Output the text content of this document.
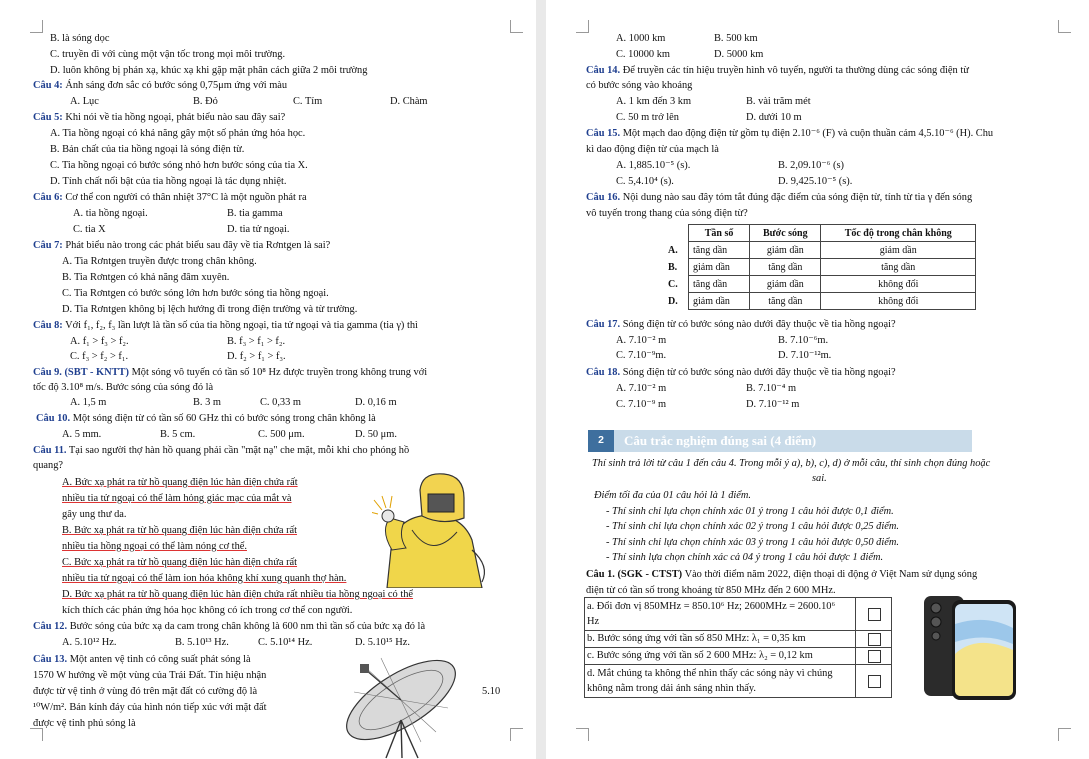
B. là sóng dọc
C. truyền đi với cùng một vận tốc trong mọi môi trường.
D. luôn không bị phản xạ, khúc xạ khi gặp mặt phân cách giữa 2 môi trường
Câu 4: Ánh sáng đơn sắc có bước sóng 0,75μm ứng với màu
A. Lục	B. Đỏ	C. Tím	D. Chàm
Câu 5: Khi nói về tia hồng ngoại, phát biểu nào sau đây sai?
A. Tia hồng ngoại có khả năng gây một số phản ứng hóa học.
B. Bản chất của tia hồng ngoại là sóng điện từ.
C. Tia hồng ngoại có bước sóng nhỏ hơn bước sóng của tia X.
D. Tính chất nổi bật của tia hồng ngoại là tác dụng nhiệt.
Câu 6: Cơ thể con người có thân nhiệt 37°C là một nguồn phát ra
A. tia hồng ngoại.	B. tia gamma
C. tia X	D. tia tử ngoại.
Câu 7: Phát biểu nào trong các phát biểu sau đây về tia Rơntgen là sai?
A. Tia Rơntgen truyền được trong chân không.
B. Tia Rơntgen có khả năng đâm xuyên.
C. Tia Rơntgen có bước sóng lớn hơn bước sóng tia hồng ngoại.
D. Tia Rơntgen không bị lệch hướng đi trong điện trường và từ trường.
Câu 8: Với f₁, f₂, f₃ lần lượt là tần số của tia hồng ngoại, tia tử ngoại và tia gamma (tia γ) thì
A. f₁ > f₃ > f₂.	B. f₃ > f₁ > f₂.
C. f₃ > f₂ > f₁.	D. f₂ > f₁ > f₃.
Câu 9. (SBT - KNTT) Một sóng vô tuyến có tần số 10⁸ Hz được truyền trong không trung với
tốc độ 3.10⁸ m/s. Bước sóng của sóng đó là
A. 1,5 m	B. 3 m	C. 0,33 m	D. 0,16 m
Câu 10. Một sóng điện từ có tần số 60 GHz thì có bước sóng trong chân không là
A. 5 mm.	B. 5 cm.	C. 500 μm.	D. 50 μm.
Câu 11. Tại sao người thợ hàn hồ quang phải cần "mặt nạ" che mặt, mỗi khi cho phóng hồ
quang?
A. Bức xạ phát ra từ hồ quang điện lúc hàn điện chứa rất
nhiều tia tử ngoại có thể làm hỏng giác mạc của mắt và
gây ung thư da.
B. Bức xạ phát ra từ hồ quang điện lúc hàn điện chứa rất
nhiều tia hồng ngoại có thể làm nóng cơ thể.
C. Bức xạ phát ra từ hồ quang điện lúc hàn điện chứa rất
nhiều tia tử ngoại có thể làm ion hóa không khí xung quanh thợ hàn.
D. Bức xạ phát ra từ hồ quang điện lúc hàn điện chứa rất nhiều tia hồng ngoại có thể
kích thích các phản ứng hóa học không có ích trong cơ thể con người.
Câu 12. Bước sóng của bức xạ da cam trong chân không là 600 nm thì tần số của bức xạ đó là
A. 5.10¹² Hz.	B. 5.10¹³ Hz.	C. 5.10¹⁴ Hz.	D. 5.10¹⁵ Hz.
Câu 13. Một anten vệ tinh có công suất phát sóng là
1570 W hướng về một vùng của Trái Đất. Tín hiệu nhận
được từ vệ tinh ở vùng đó trên mặt đất có cường độ là
¹⁰W/m². Bán kính đáy của hình nón tiếp xúc với mặt đất
được vệ tinh phủ sóng là
5.10
A. 1000 km	B. 500 km
C. 10000 km	D. 5000 km
Câu 14. Để truyền các tín hiệu truyền hình vô tuyến, người ta thường dùng các sóng điện từ
có bước sóng vào khoảng
A. 1 km đến 3 km	B. vài trăm mét
C. 50 m trở lên	D. dưới 10 m
Câu 15. Một mạch dao động điện từ gồm tụ điện 2.10⁻⁶ (F) và cuộn thuần cảm 4,5.10⁻⁶ (H). Chu
kì dao động điện từ của mạch là
A. 1,885.10⁻⁵ (s).	B. 2,09.10⁻⁶ (s)
C. 5,4.10⁴ (s).	D. 9,425.10⁻⁵ (s).
Câu 16. Nội dung nào sau đây tóm tắt đúng đặc điểm của sóng điện từ, tính từ tia γ đến sóng
vô tuyến trong thang của sóng điện từ?
	Tần số	Bước sóng	Tốc độ trong chân không
A.	tăng dần	giảm dần	giảm dần
B.	giảm dần	tăng dần	tăng dần
C.	tăng dần	giảm dần	không đổi
D.	giảm dần	tăng dần	không đổi
Câu 17. Sóng điện từ có bước sóng nào dưới đây thuộc về tia hồng ngoại?
A. 7.10⁻² m	B. 7.10⁻⁶m.
C. 7.10⁻⁹m.	D. 7.10⁻¹²m.
Câu 18. Sóng điện từ có bước sóng nào dưới đây thuộc về tia hồng ngoại?
A. 7.10⁻² m	B. 7.10⁻⁴ m
C. 7.10⁻⁹ m	D. 7.10⁻¹² m
2	Câu trắc nghiệm đúng sai (4 điểm)
Thí sinh trả lời từ câu 1 đến câu 4. Trong mỗi ý a), b), c), d) ở mỗi câu, thí sinh chọn đúng hoặc
sai.
Điểm tối đa của 01 câu hỏi là 1 điểm.
- Thí sinh chỉ lựa chọn chính xác 01 ý trong 1 câu hỏi được 0,1 điểm.
- Thí sinh chỉ lựa chọn chính xác 02 ý trong 1 câu hỏi được 0,25 điểm.
- Thí sinh chỉ lựa chọn chính xác 03 ý trong 1 câu hỏi được 0,50 điểm.
- Thí sinh lựa chọn chính xác cả 04 ý trong 1 câu hỏi được 1 điểm.
Câu 1. (SGK - CTST) Vào thời điểm năm 2022, điện thoại di động ở Việt Nam sử dụng sóng
điện từ có tần số trong khoảng từ 850 MHz đến 2 600 MHz.
a. Đổi đơn vị 850MHz = 850.10⁶ Hz; 2600MHz = 2600.10⁶
Hz
b. Bước sóng ứng với tần số 850 MHz: λ₁ = 0,35 km
c. Bước sóng ứng với tần số 2 600 MHz: λ₂ = 0,12 km
d. Mắt chúng ta không thể nhìn thấy các sóng này vì chúng
không nằm trong dải ánh sáng nhìn thấy.
